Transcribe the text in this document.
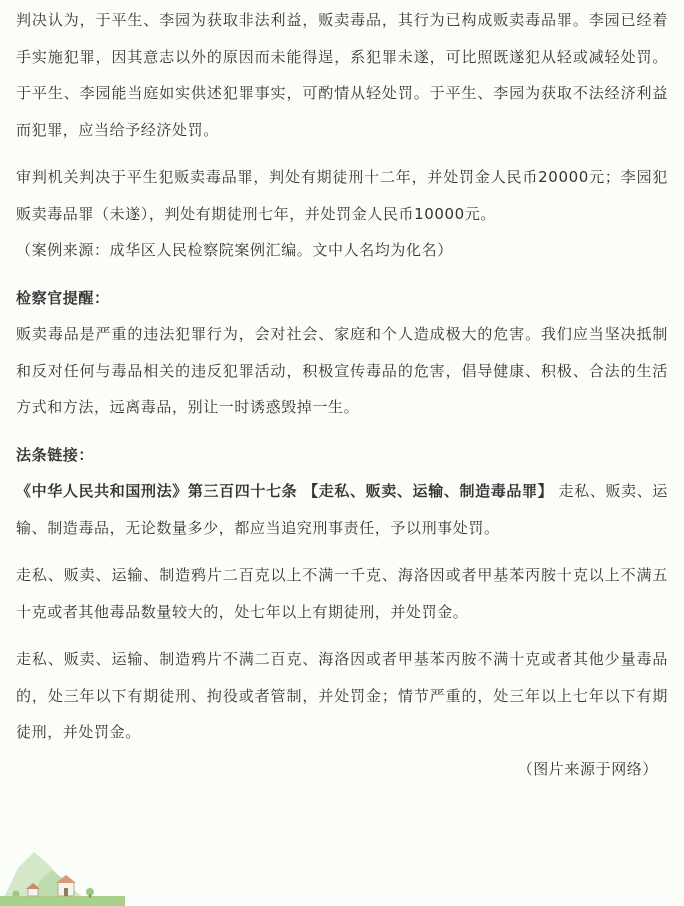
判决认为，于平生、李园为获取非法利益，贩卖毒品，其行为已构成贩卖毒品罪。李园已经着手实施犯罪，因其意志以外的原因而未能得逞，系犯罪未遂，可比照既遂犯从轻或减轻处罚。于平生、李园能当庭如实供述犯罪事实，可酌情从轻处罚。于平生、李园为获取不法经济利益而犯罪，应当给予经济处罚。

审判机关判决于平生犯贩卖毒品罪，判处有期徒刑十二年，并处罚金人民币20000元；李园犯贩卖毒品罪（未遂），判处有期徒刑七年，并处罚金人民币10000元。

（案例来源：成华区人民检察院案例汇编。文中人名均为化名）

检察官提醒：

贩卖毒品是严重的违法犯罪行为，会对社会、家庭和个人造成极大的危害。我们应当坚决抵制和反对任何与毒品相关的违反犯罪活动，积极宣传毒品的危害，倡导健康、积极、合法的生活方式和方法，远离毒品，别让一时诱惑毁掉一生。

法条链接：

《中华人民共和国刑法》第三百四十七条 【走私、贩卖、运输、制造毒品罪】 走私、贩卖、运输、制造毒品，无论数量多少，都应当追究刑事责任，予以刑事处罚。

走私、贩卖、运输、制造鸦片二百克以上不满一千克、海洛因或者甲基苯丙胺十克以上不满五十克或者其他毒品数量较大的，处七年以上有期徒刑，并处罚金。

走私、贩卖、运输、制造鸦片不满二百克、海洛因或者甲基苯丙胺不满十克或者其他少量毒品的，处三年以下有期徒刑、拘役或者管制，并处罚金；情节严重的，处三年以上七年以下有期徒刑，并处罚金。

（图片来源于网络）
